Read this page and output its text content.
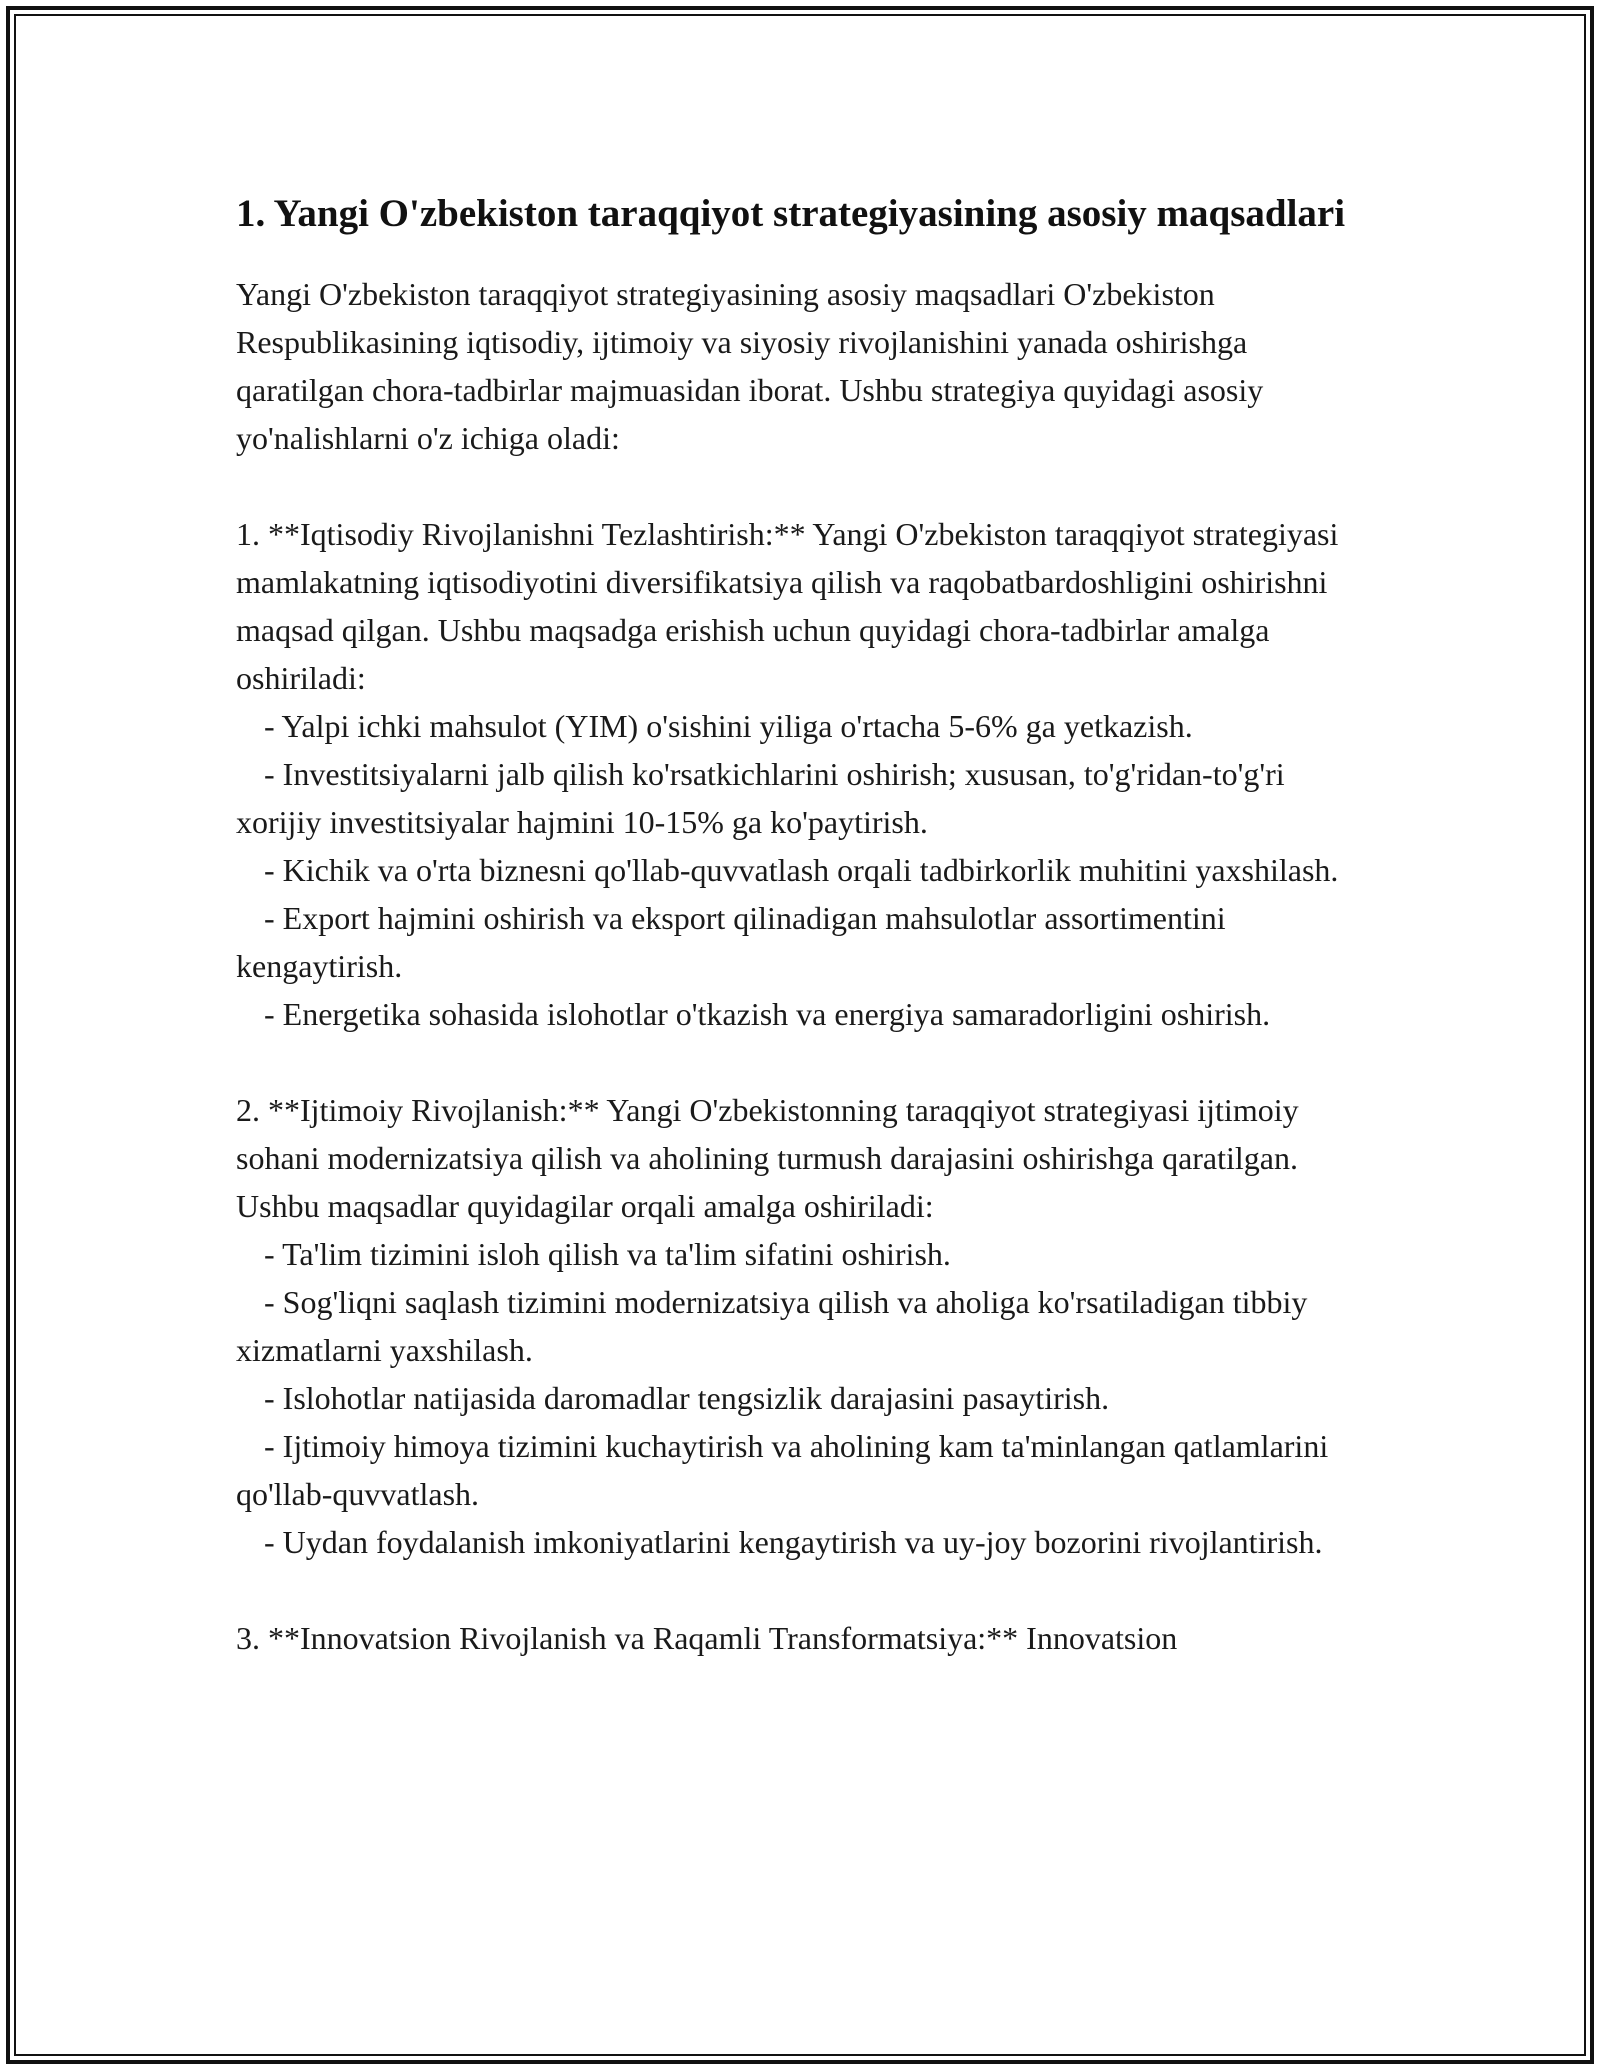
1. Yangi O'zbekiston taraqqiyot strategiyasining asosiy maqsadlari

Yangi O'zbekiston taraqqiyot strategiyasining asosiy maqsadlari O'zbekiston Respublikasining iqtisodiy, ijtimoiy va siyosiy rivojlanishini yanada oshirishga qaratilgan chora-tadbirlar majmuasidan iborat. Ushbu strategiya quyidagi asosiy yo'nalishlarni o'z ichiga oladi:

1. **Iqtisodiy Rivojlanishni Tezlashtirish:** Yangi O'zbekiston taraqqiyot strategiyasi mamlakatning iqtisodiyotini diversifikatsiya qilish va raqobatbardoshligini oshirishni maqsad qilgan. Ushbu maqsadga erishish uchun quyidagi chora-tadbirlar amalga oshiriladi:

- Yalpi ichki mahsulot (YIM) o'sishini yiliga o'rtacha 5-6% ga yetkazish.
- Investitsiyalarni jalb qilish ko'rsatkichlarini oshirish; xususan, to'g'ridan-to'g'ri xorijiy investitsiyalar hajmini 10-15% ga ko'paytirish.
- Kichik va o'rta biznesni qo'llab-quvvatlash orqali tadbirkorlik muhitini yaxshilash.
- Export hajmini oshirish va eksport qilinadigan mahsulotlar assortimentini kengaytirish.
- Energetika sohasida islohotlar o'tkazish va energiya samaradorligini oshirish.

2. **Ijtimoiy Rivojlanish:** Yangi O'zbekistonning taraqqiyot strategiyasi ijtimoiy sohani modernizatsiya qilish va aholining turmush darajasini oshirishga qaratilgan. Ushbu maqsadlar quyidagilar orqali amalga oshiriladi:

- Ta'lim tizimini isloh qilish va ta'lim sifatini oshirish.
- Sog'liqni saqlash tizimini modernizatsiya qilish va aholiga ko'rsatiladigan tibbiy xizmatlarni yaxshilash.
- Islohotlar natijasida daromadlar tengsizlik darajasini pasaytirish.
- Ijtimoiy himoya tizimini kuchaytirish va aholining kam ta'minlangan qatlamlarini qo'llab-quvvatlash.
- Uydan foydalanish imkoniyatlarini kengaytirish va uy-joy bozorini rivojlantirish.

3. **Innovatsion Rivojlanish va Raqamli Transformatsiya:** Innovatsion
